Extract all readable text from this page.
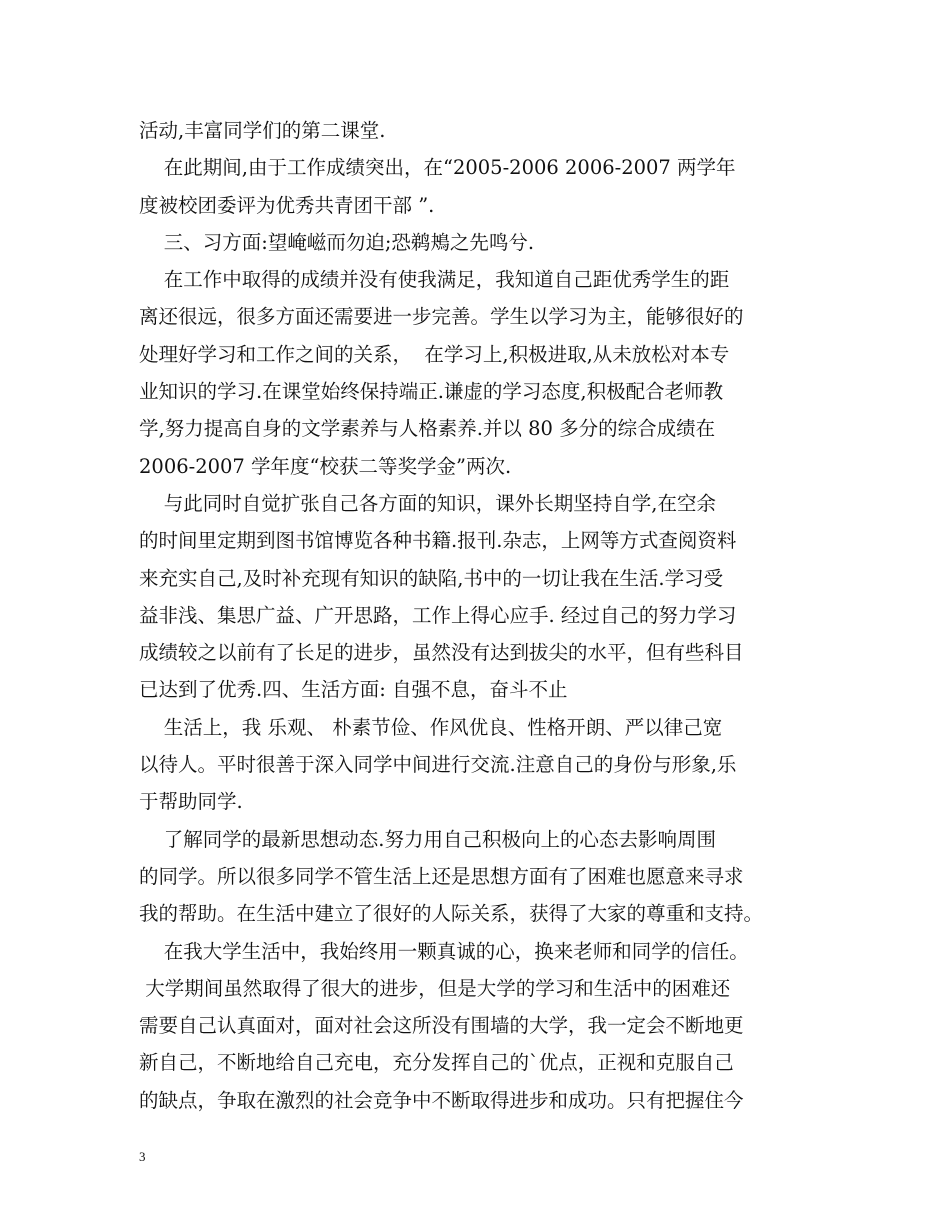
活动,丰富同学们的第二课堂.
在此期间,由于工作成绩突出，在“2005-2006 2006-2007 两学年
度被校团委评为优秀共青团干部 ”.
三、习方面:望崦嵫而勿迫;恐鹈鴂之先鸣兮.
在工作中取得的成绩并没有使我满足，我知道自己距优秀学生的距
离还很远，很多方面还需要进一步完善。学生以学习为主，能够很好的
处理好学习和工作之间的关系，  在学习上,积极进取,从未放松对本专
业知识的学习.在课堂始终保持端正.谦虚的学习态度,积极配合老师教
学,努力提高自身的文学素养与人格素养.并以 80 多分的综合成绩在
2006-2007 学年度“校获二等奖学金”两次.
与此同时自觉扩张自己各方面的知识，课外长期坚持自学,在空余
的时间里定期到图书馆博览各种书籍.报刊.杂志，上网等方式查阅资料
来充实自己,及时补充现有知识的缺陷,书中的一切让我在生活.学习受
益非浅、集思广益、广开思路，工作上得心应手. 经过自己的努力学习
成绩较之以前有了长足的进步，虽然没有达到拔尖的水平，但有些科目
已达到了优秀.四、生活方面: 自强不息，奋斗不止
生活上，我 乐观、 朴素节俭、作风优良、性格开朗、严以律己宽
以待人。平时很善于深入同学中间进行交流.注意自己的身份与形象,乐
于帮助同学.
了解同学的最新思想动态.努力用自己积极向上的心态去影响周围
的同学。所以很多同学不管生活上还是思想方面有了困难也愿意来寻求
我的帮助。在生活中建立了很好的人际关系，获得了大家的尊重和支持。
在我大学生活中，我始终用一颗真诚的心，换来老师和同学的信任。
大学期间虽然取得了很大的进步，但是大学的学习和生活中的困难还
需要自己认真面对，面对社会这所没有围墙的大学，我一定会不断地更
新自己，不断地给自己充电，充分发挥自己的`优点，正视和克服自己
的缺点，争取在激烈的社会竞争中不断取得进步和成功。只有把握住今
3
